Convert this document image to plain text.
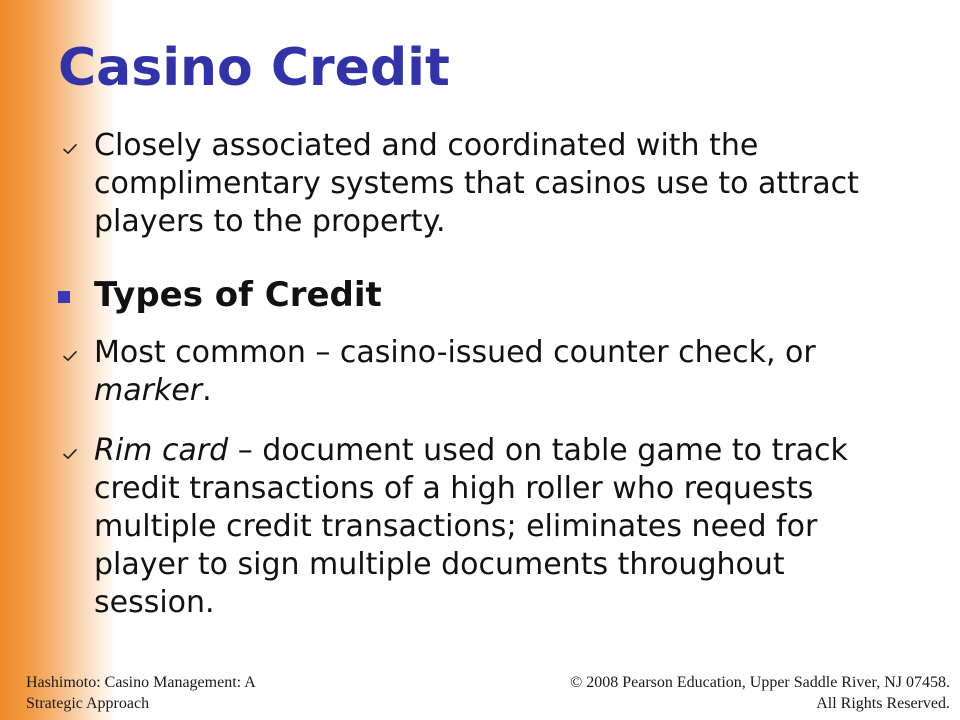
Casino Credit

Closely associated and coordinated with the complimentary systems that casinos use to attract players to the property.

Types of Credit

Most common – casino-issued counter check, or marker.

Rim card – document used on table game to track credit transactions of a high roller who requests multiple credit transactions; eliminates need for player to sign multiple documents throughout session.

Hashimoto: Casino Management: A
Strategic Approach
© 2008 Pearson Education, Upper Saddle River, NJ 07458.
All Rights Reserved.
